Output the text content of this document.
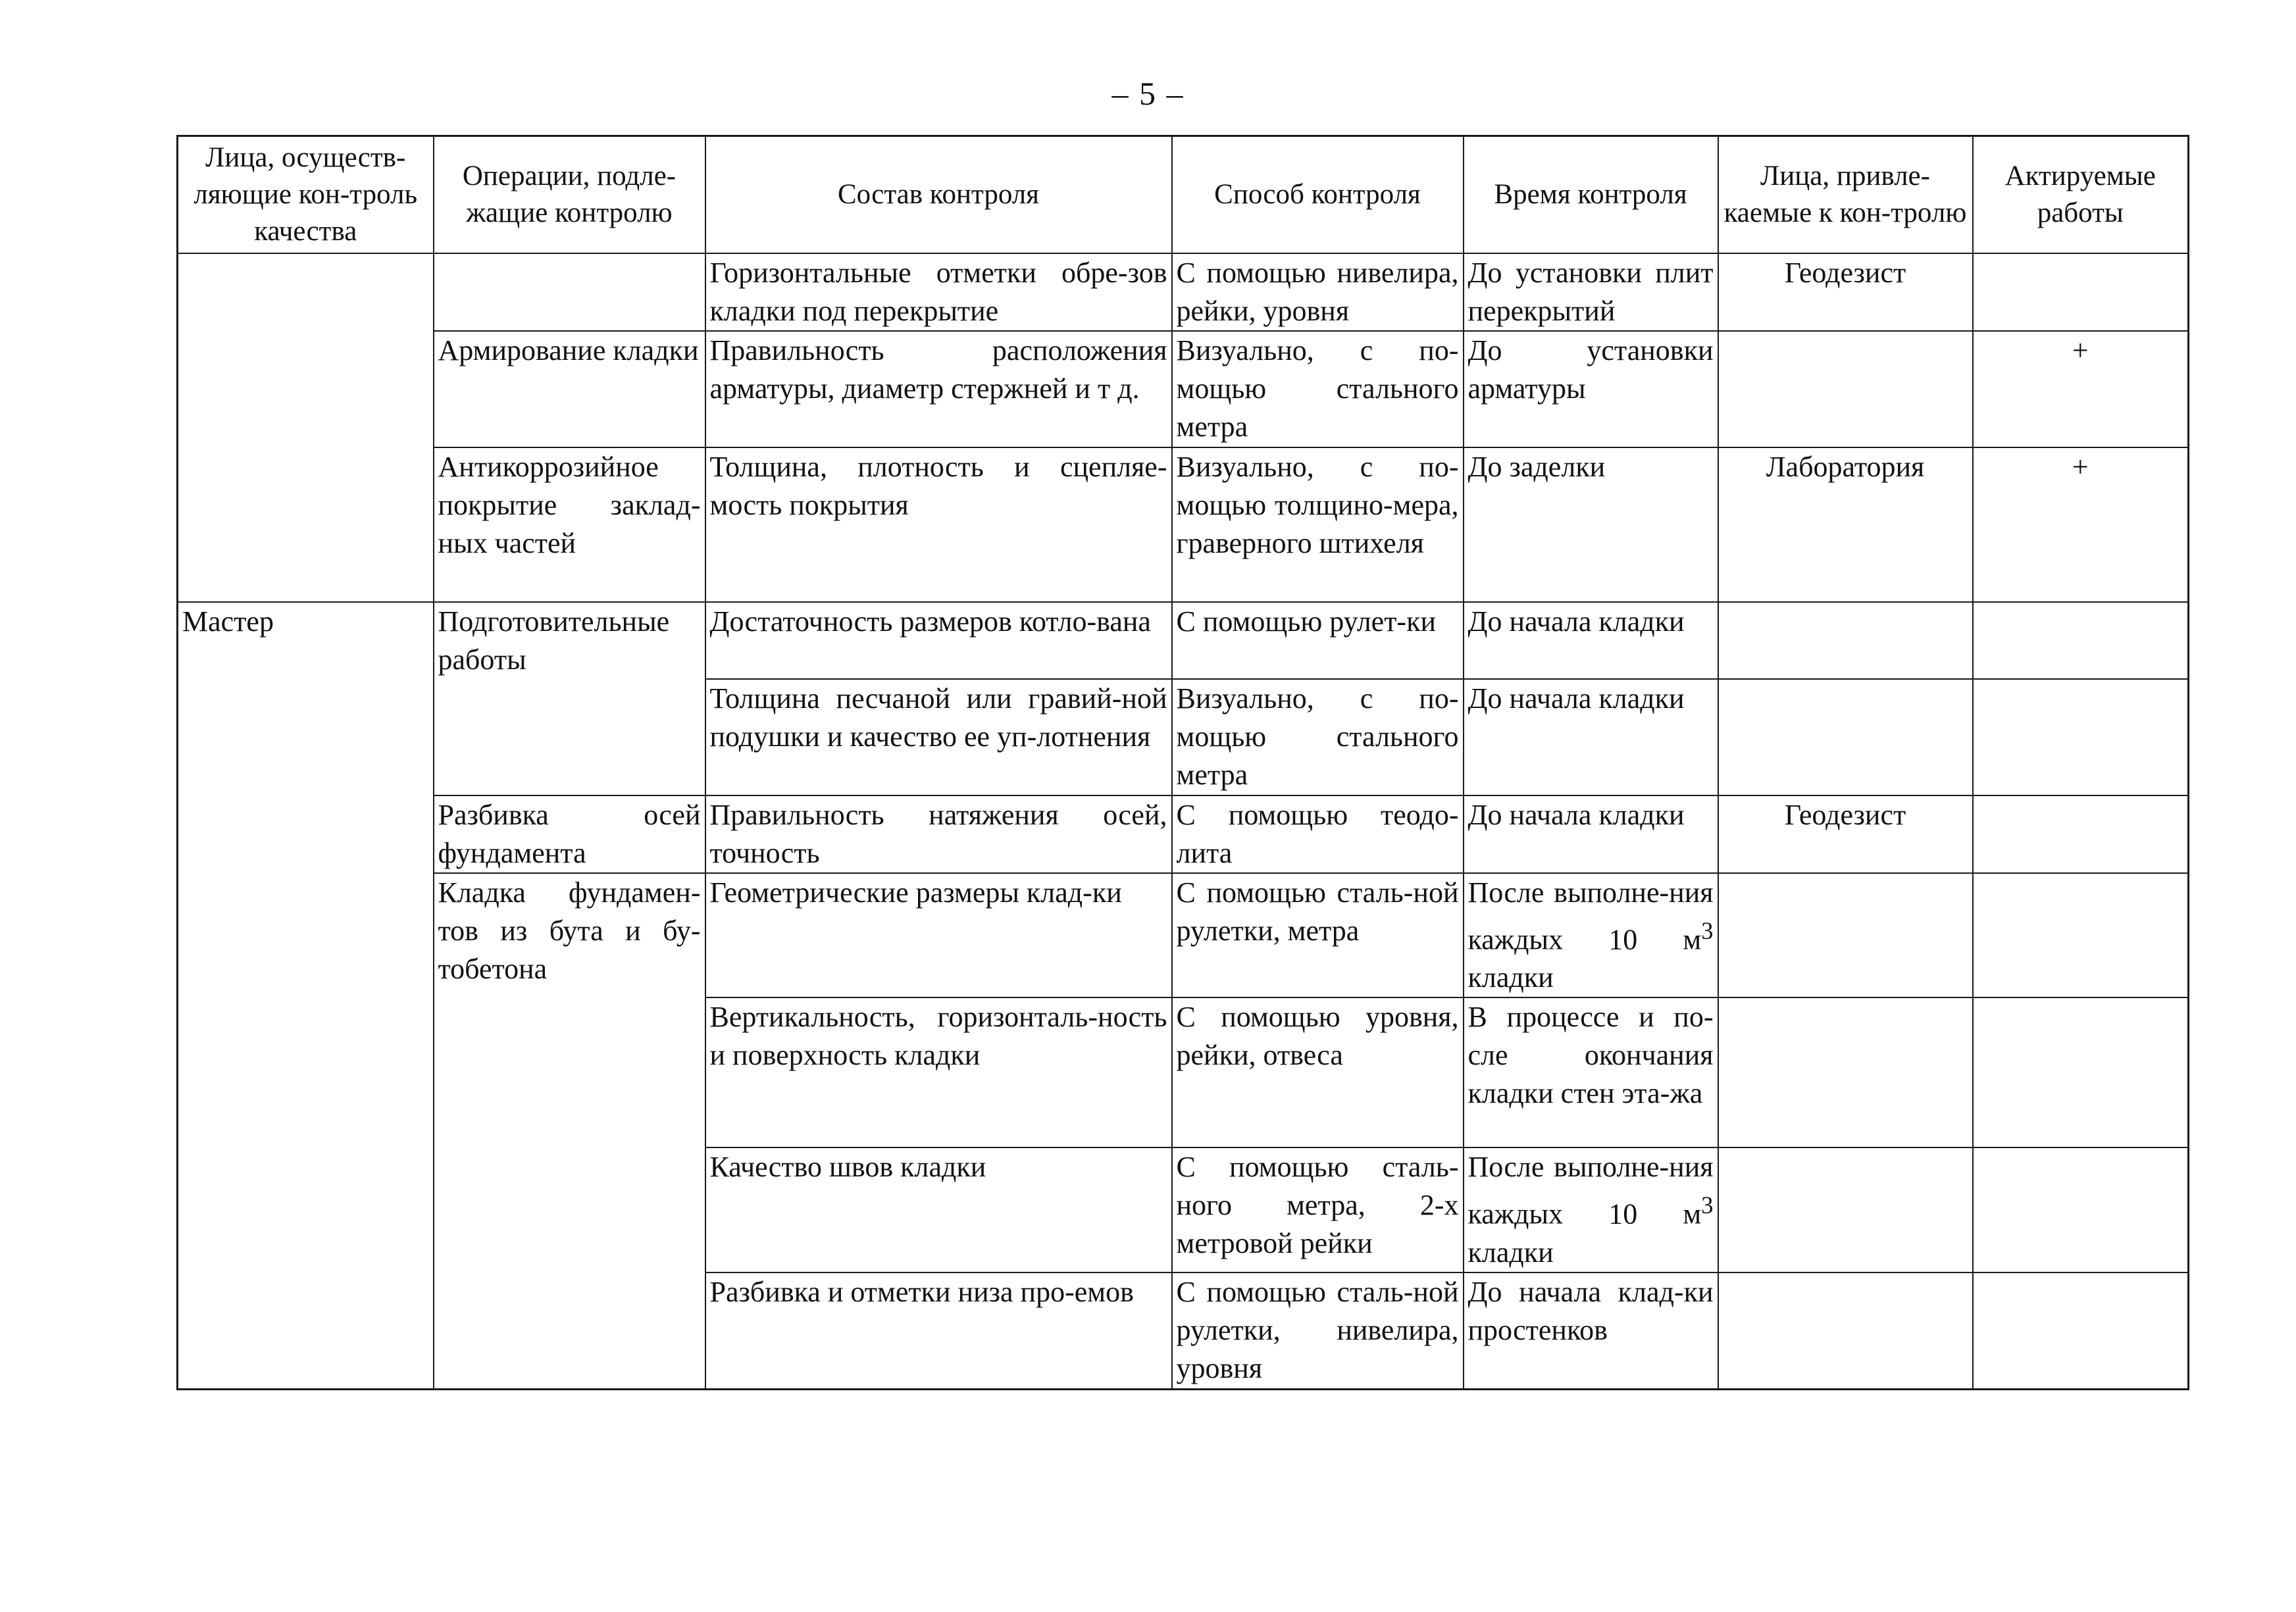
– 5 –
Лица, осуществ-ляющие кон-троль качества	Операции, подле-жащие контролю	Состав контроля	Способ контроля	Время контроля	Лица, привле-каемые к кон-тролю	Актируемые работы
		Горизонтальные отметки обре-зов кладки под перекрытие	С помощью нивелира, рейки, уровня	До установки плит перекрытий	Геодезист	
	Армирование кладки	Правильность расположения арматуры, диаметр стержней и т д.	Визуально, с по-мощью стального метра	До установки арматуры		+
	Антикоррозийное покрытие заклад-ных частей	Толщина, плотность и сцепляе-мость покрытия	Визуально, с по-мощью толщино-мера, граверного штихеля	До заделки	Лаборатория	+
Мастер	Подготовительные работы	Достаточность размеров котло-вана	С помощью рулет-ки	До начала кладки		
		Толщина песчаной или гравий-ной подушки и качество ее уп-лотнения	Визуально, с по-мощью стального метра	До начала кладки		
	Разбивка осей фундамента	Правильность натяжения осей, точность	С помощью теодо-лита	До начала кладки	Геодезист	
	Кладка фундамен-тов из бута и бу-тобетона	Геометрические размеры клад-ки	С помощью сталь-ной рулетки, метра	После выполне-ния каждых 10 $м^3$ кладки		
		Вертикальность, горизонталь-ность и поверхность кладки	С помощью уровня, рейки, отвеса	В процессе и по-сле окончания кладки стен эта-жа		
		Качество швов кладки	С помощью сталь-ного метра, 2-х метровой рейки	После выполне-ния каждых 10 $м^3$ кладки		
		Разбивка и отметки низа про-емов	С помощью сталь-ной рулетки, нивелира, уровня	До начала клад-ки простенков		
